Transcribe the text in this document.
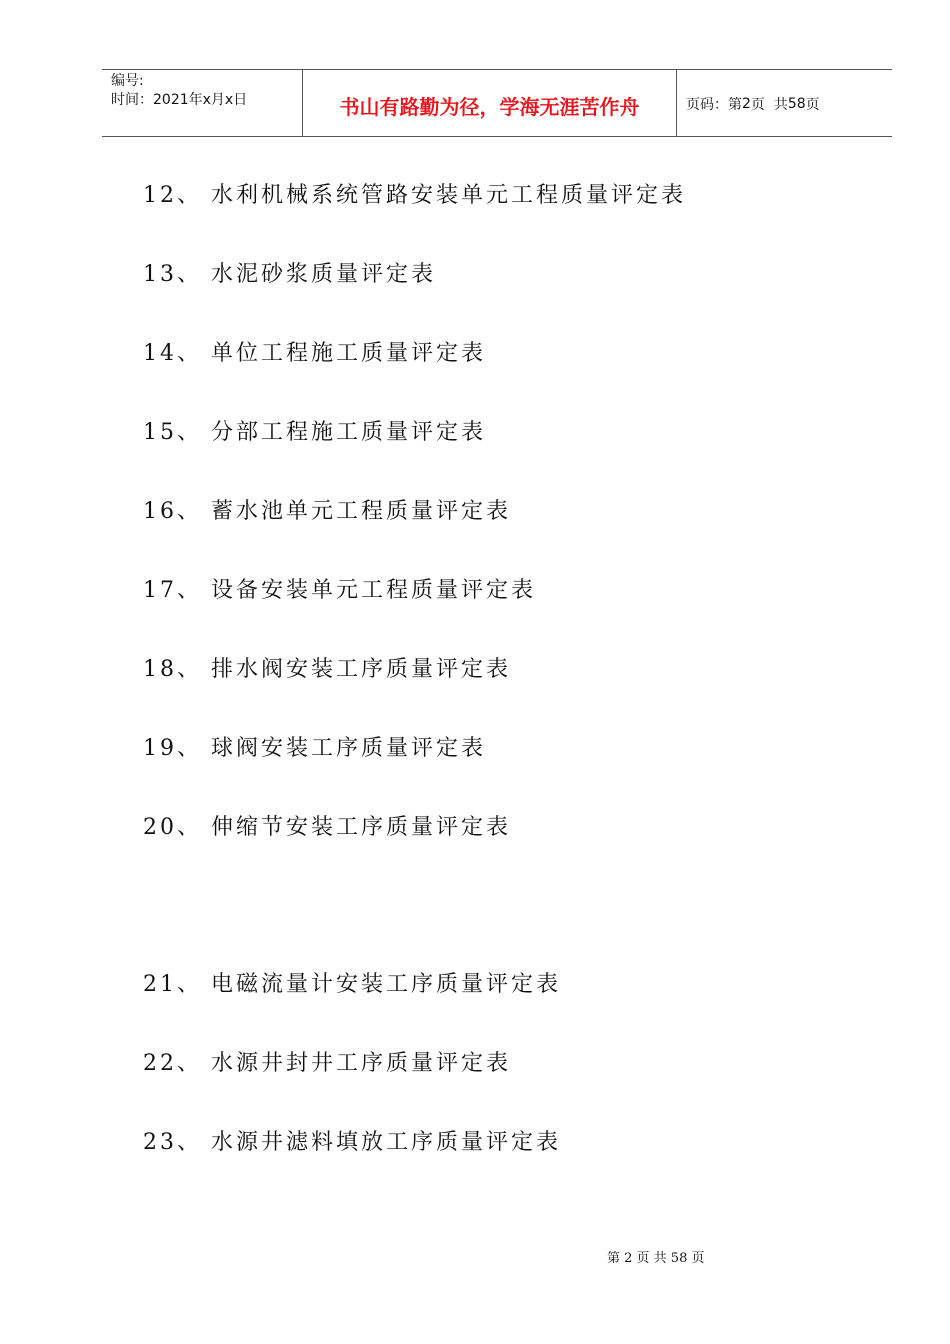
编号:
时间：2021年x月x日	书山有路勤为径，学海无涯苦作舟	页码：第 2 页  共 58 页
12、 水利机械系统管路安装单元工程质量评定表
13、 水泥砂浆质量评定表
14、 单位工程施工质量评定表
15、 分部工程施工质量评定表
16、 蓄水池单元工程质量评定表
17、 设备安装单元工程质量评定表
18、 排水阀安装工序质量评定表
19、 球阀安装工序质量评定表
20、 伸缩节安装工序质量评定表
21、 电磁流量计安装工序质量评定表
22、 水源井封井工序质量评定表
23、 水源井滤料填放工序质量评定表
第 2 页 共 58 页
